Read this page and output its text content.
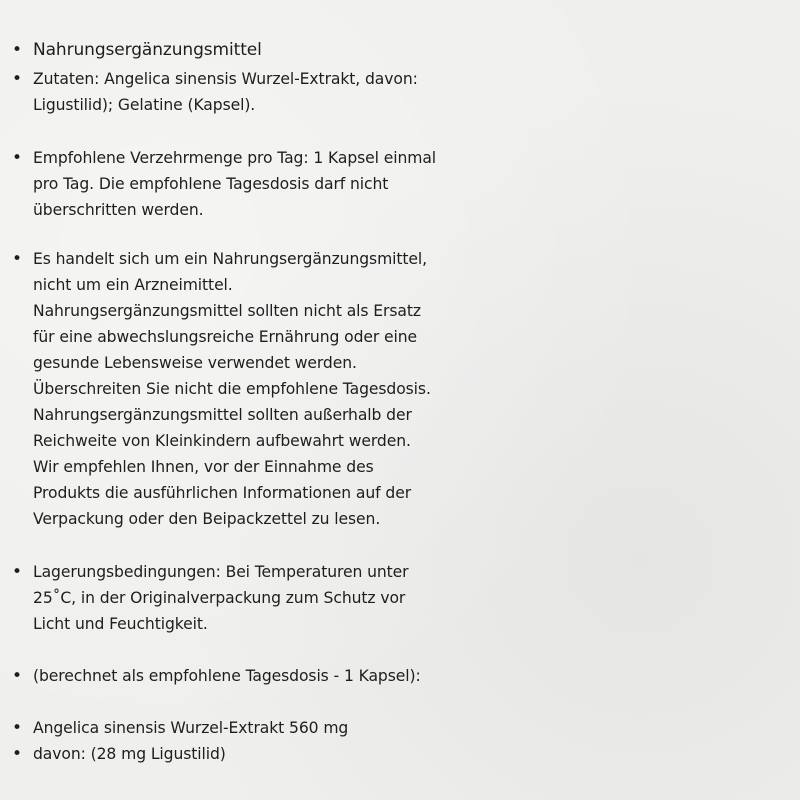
• Nahrungsergänzungsmittel
• Zutaten: Angelica sinensis Wurzel-Extrakt, davon:
Ligustilid); Gelatine (Kapsel).
• Empfohlene Verzehrmenge pro Tag: 1 Kapsel einmal
pro Tag. Die empfohlene Tagesdosis darf nicht
überschritten werden.
• Es handelt sich um ein Nahrungsergänzungsmittel,
nicht um ein Arzneimittel.
Nahrungsergänzungsmittel sollten nicht als Ersatz
für eine abwechslungsreiche Ernährung oder eine
gesunde Lebensweise verwendet werden.
Überschreiten Sie nicht die empfohlene Tagesdosis.
Nahrungsergänzungsmittel sollten außerhalb der
Reichweite von Kleinkindern aufbewahrt werden.
Wir empfehlen Ihnen, vor der Einnahme des
Produkts die ausführlichen Informationen auf der
Verpackung oder den Beipackzettel zu lesen.
• Lagerungsbedingungen: Bei Temperaturen unter
25˚C, in der Originalverpackung zum Schutz vor
Licht und Feuchtigkeit.
• (berechnet als empfohlene Tagesdosis - 1 Kapsel):
• Angelica sinensis Wurzel-Extrakt 560 mg
• davon: (28 mg Ligustilid)
